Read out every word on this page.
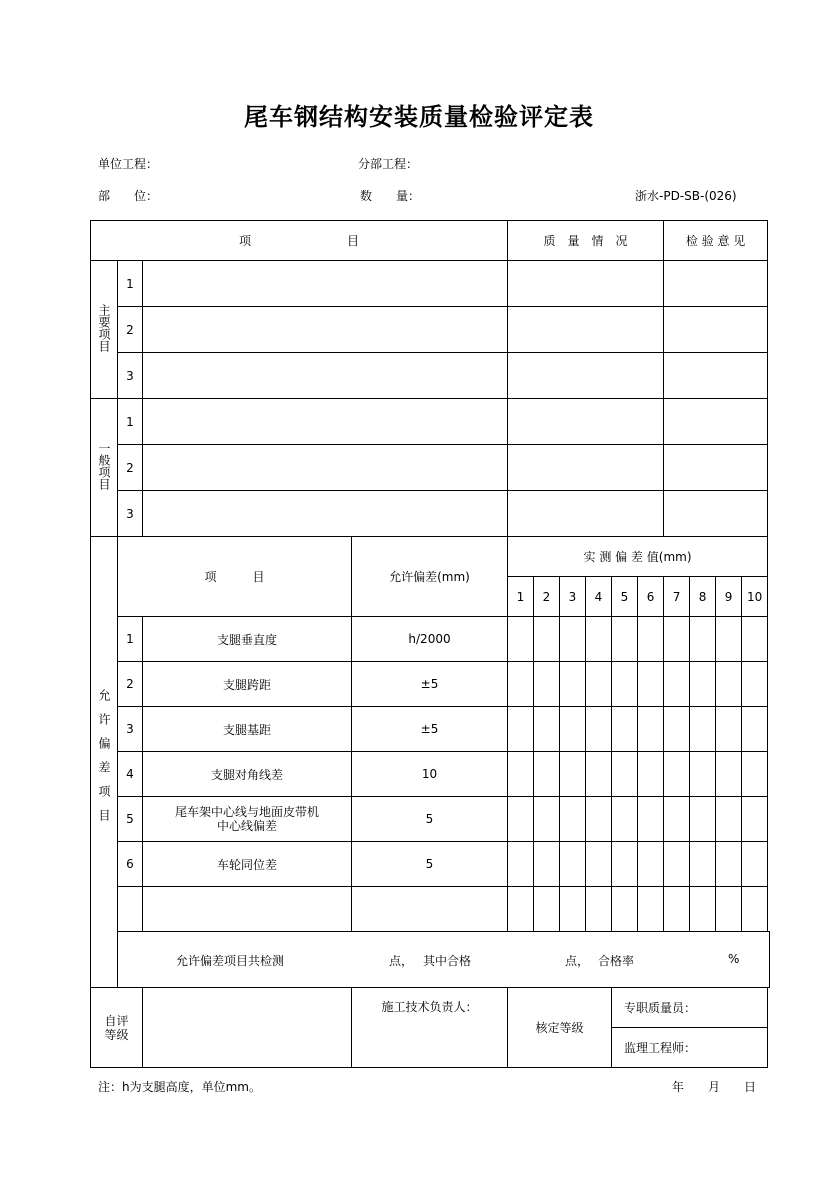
尾车钢结构安装质量检验评定表
单位工程：	分部工程：
部　　位：	数　　量：	浙水-PD-SB-(026)
项　　　　　　　　目	质　量　情　况	检 验 意 见
主要项目	1			
2			
3			
一般项目	1			
2			
3			
允许偏差项目	项　　　目	允许偏差(mm)	实 测 偏 差 值(mm)
1	2	3	4	5	6	7	8	9	10
1	支腿垂直度	h/2000										
2	支腿跨距	±5										
3	支腿基距	±5										
4	支腿对角线差	10										
5	尾车架中心线与地面皮带机中心线偏差	5										
6	车轮同位差	5										

允许偏差项目共检测	点， 其中合格	点， 合格率	%

自评等级
		施工技术负责人：	核定等级	专职质量员：
监理工程师：
注：h为支腿高度，单位mm。	年　　月　　日
